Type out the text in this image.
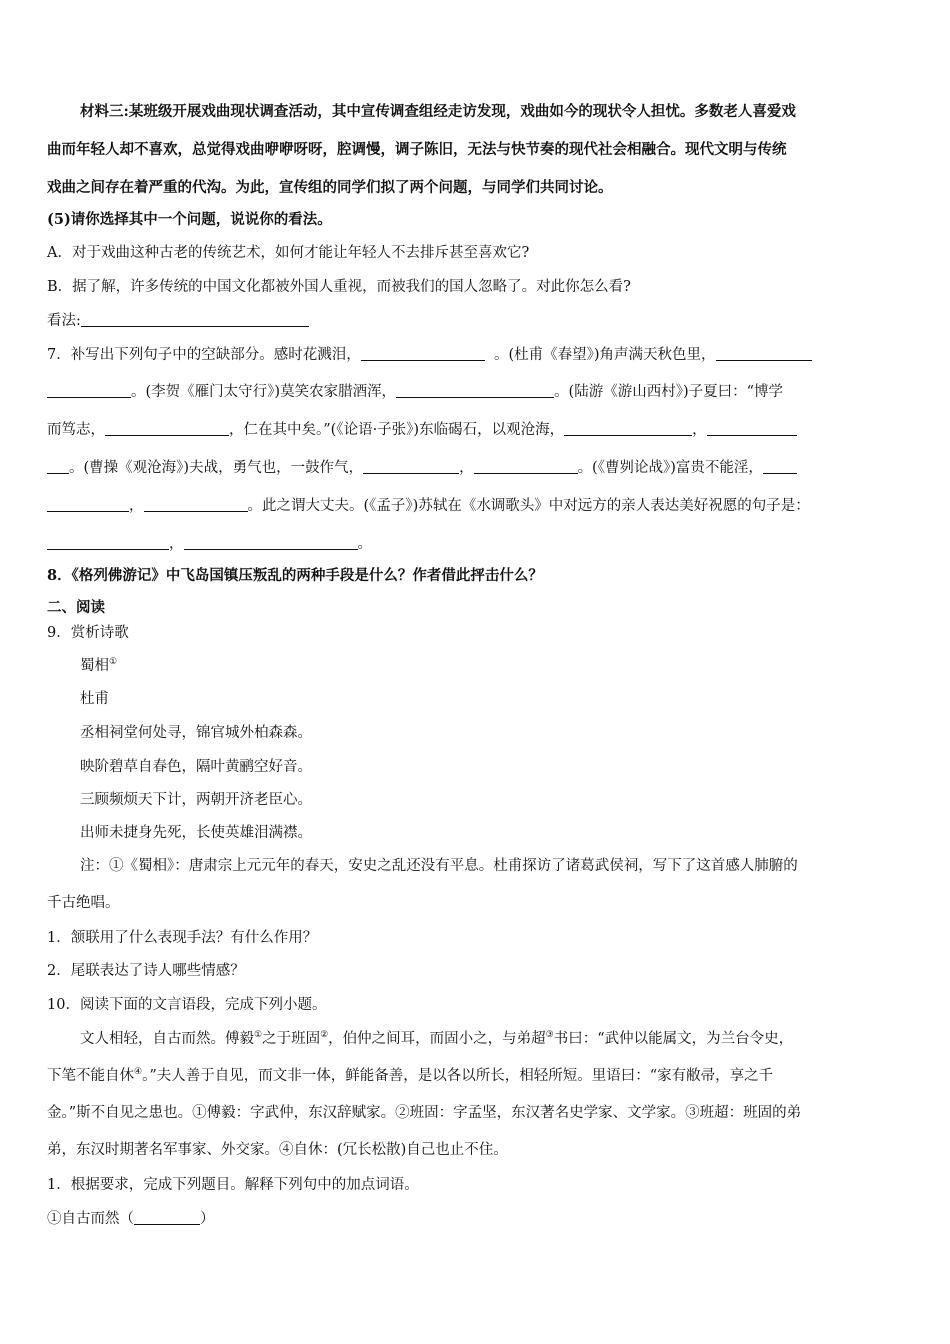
材料三:某班级开展戏曲现状调查活动，其中宣传调查组经走访发现，戏曲如今的现状令人担忧。多数老人喜爱戏
曲而年轻人却不喜欢，总觉得戏曲咿咿呀呀，腔调慢，调子陈旧，无法与快节奏的现代社会相融合。现代文明与传统
戏曲之间存在着严重的代沟。为此，宣传组的同学们拟了两个问题，与同学们共同讨论。
(5)请你选择其中一个问题，说说你的看法。
A．对于戏曲这种古老的传统艺术，如何才能让年轻人不去排斥甚至喜欢它?
B．据了解，许多传统的中国文化都被外国人重视，而被我们的国人忽略了。对此你怎么看?
看法:
7．补写出下列句子中的空缺部分。感时花溅泪，	。(杜甫《春望》)角声满天秋色里，
。(李贺《雁门太守行》)莫笑农家腊酒浑，	。(陆游《游山西村》)子夏曰：“博学
而笃志，	，仁在其中矣。”(《论语·子张》)东临碣石，以观沧海，	，
。(曹操《观沧海》)夫战，勇气也，一鼓作气，	，	。(《曹刿论战》)富贵不能淫，
，	。此之谓大丈夫。(《孟子》)苏轼在《水调歌头》中对远方的亲人表达美好祝愿的句子是：
，	。
8．《格列佛游记》中飞岛国镇压叛乱的两种手段是什么？作者借此抨击什么？
二、阅读
9．赏析诗歌
蜀相①
杜甫
丞相祠堂何处寻，锦官城外柏森森。
映阶碧草自春色，隔叶黄鹂空好音。
三顾频烦天下计，两朝开济老臣心。
出师未捷身先死，长使英雄泪满襟。
注：①《蜀相》：唐肃宗上元元年的春天，安史之乱还没有平息。杜甫探访了诸葛武侯祠，写下了这首感人肺腑的
千古绝唱。
1．颔联用了什么表现手法？有什么作用？
2．尾联表达了诗人哪些情感？
10．阅读下面的文言语段，完成下列小题。
文人相轻，自古而然。傅毅①之于班固②，伯仲之间耳，而固小之，与弟超③书曰：“武仲以能属文，为兰台令史，
下笔不能自休④。”夫人善于自见，而文非一体，鲜能备善，是以各以所长，相轻所短。里语曰：“家有敝帚，享之千
金。”斯不自见之患也。①傅毅：字武仲，东汉辞赋家。②班固：字孟坚，东汉著名史学家、文学家。③班超：班固的弟
弟，东汉时期著名军事家、外交家。④自休：(冗长松散)自己也止不住。
1．根据要求，完成下列题目。解释下列句中的加点词语。
①自古而然（	）
